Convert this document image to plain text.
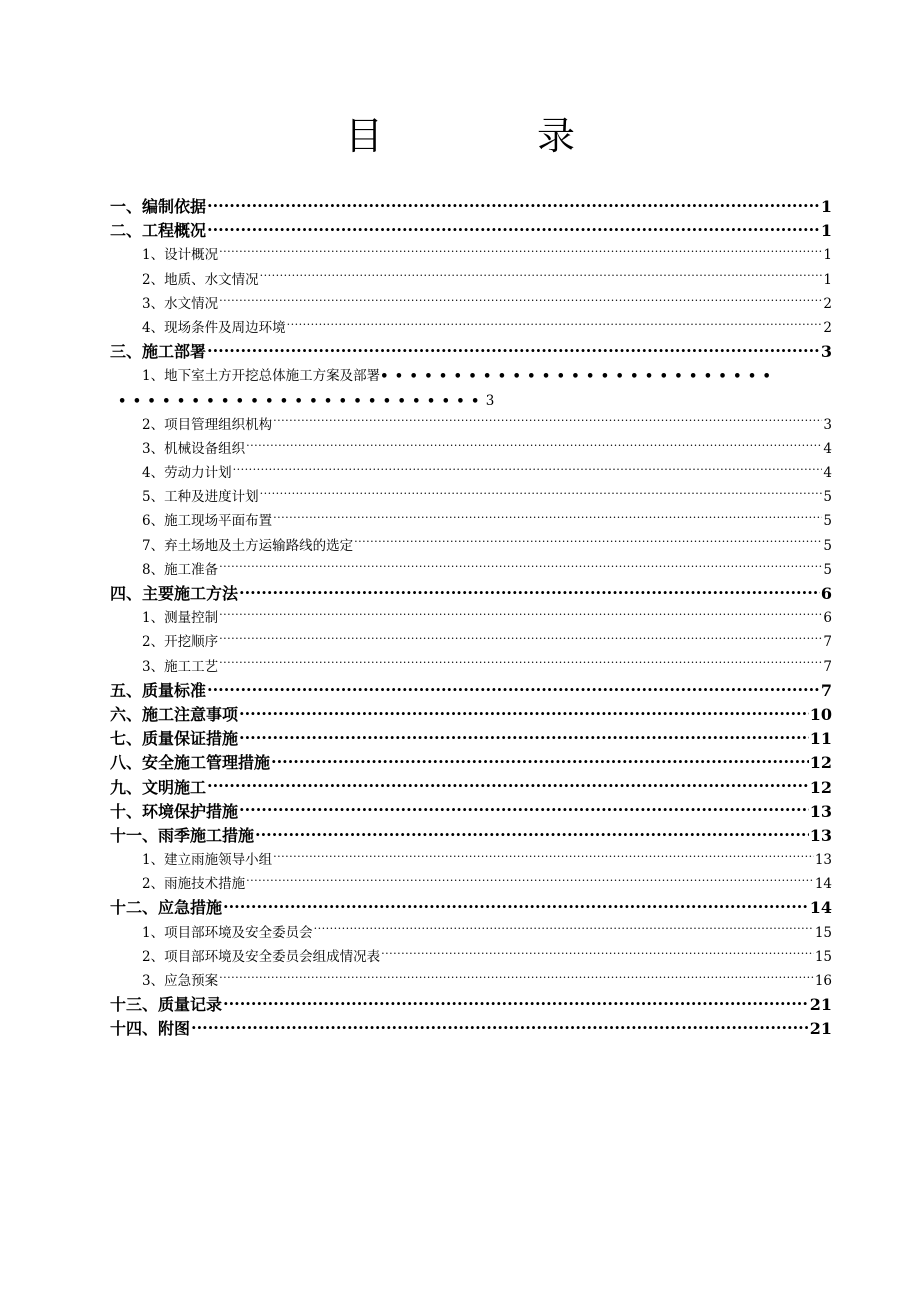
目　录
一、编制依据 .....	1
二、工程概况 .....	1
1、设计概况 .....	1
2、地质、水文情况 .....	1
3、水文情况 .....	2
4、现场条件及周边环境 .....	2
三、施工部署 .....	3
1、地下室土方开挖总体施工方案及部署•••••••••••••••••••••••••••
•••••••••••••••••••••••••3
2、项目管理组织机构 .....	3
3、机械设备组织 .....	4
4、劳动力计划 .....	4
5、工种及进度计划 .....	5
6、施工现场平面布置 .....	5
7、弃土场地及土方运输路线的选定 .....	5
8、施工准备 .....	5
四、主要施工方法 .....	6
1、测量控制 .....	6
2、开挖顺序 .....	7
3、施工工艺 .....	7
五、质量标准 .....	7
六、施工注意事项 .....	10
七、质量保证措施 .....	11
八、安全施工管理措施 .....	12
九、文明施工 .....	12
十、环境保护措施 .....	13
十一、雨季施工措施 .....	13
1、建立雨施领导小组 .....	13
2、雨施技术措施 .....	14
十二、应急措施 .....	14
1、项目部环境及安全委员会 .....	15
2、项目部环境及安全委员会组成情况表 .....	15
3、应急预案 .....	16
十三、质量记录 .....	21
十四、附图 .....	21
